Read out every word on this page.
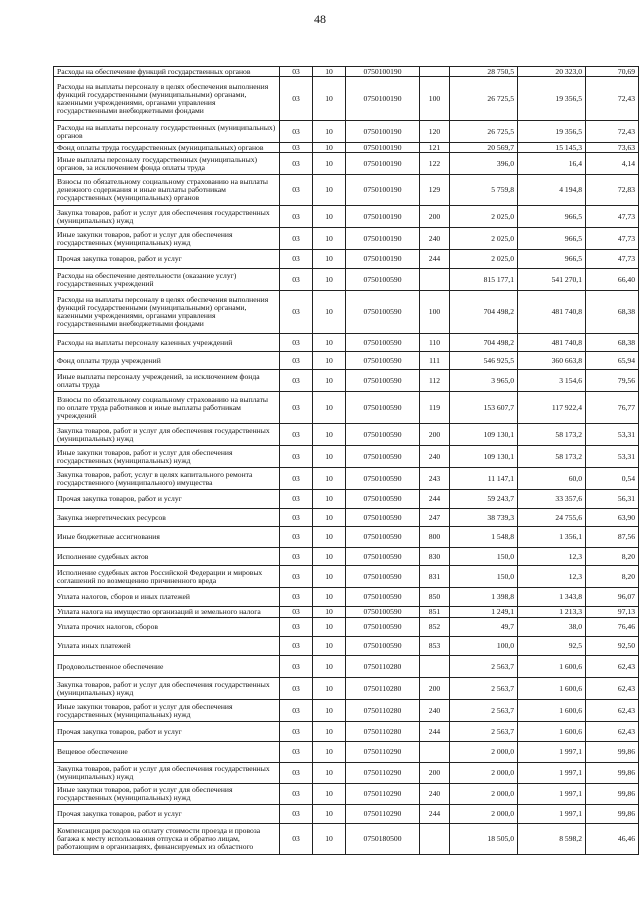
48
Расходы на обеспечение функций государственных органов	03	10	0750100190		28 750,5	20 323,0	70,69
Расходы на выплаты персоналу в целях обеспечения выполнения функций государственными (муниципальными) органами, казенными учреждениями, органами управления государственными внебюджетными фондами	03	10	0750100190	100	26 725,5	19 356,5	72,43
Расходы на выплаты персоналу государственных (муниципальных) органов	03	10	0750100190	120	26 725,5	19 356,5	72,43
Фонд оплаты труда государственных (муниципальных) органов	03	10	0750100190	121	20 569,7	15 145,3	73,63
Иные выплаты персоналу государственных (муниципальных) органов, за исключением фонда оплаты труда	03	10	0750100190	122	396,0	16,4	4,14
Взносы по обязательному социальному страхованию на выплаты денежного содержания и иные выплаты работникам государственных (муниципальных) органов	03	10	0750100190	129	5 759,8	4 194,8	72,83
Закупка товаров, работ и услуг для обеспечения государственных (муниципальных) нужд	03	10	0750100190	200	2 025,0	966,5	47,73
Иные закупки товаров, работ и услуг для обеспечения государственных (муниципальных) нужд	03	10	0750100190	240	2 025,0	966,5	47,73
Прочая закупка товаров, работ и услуг	03	10	0750100190	244	2 025,0	966,5	47,73
Расходы на обеспечение деятельности (оказание услуг) государственных учреждений	03	10	0750100590		815 177,1	541 270,1	66,40
Расходы на выплаты персоналу в целях обеспечения выполнения функций государственными (муниципальными) органами, казенными учреждениями, органами управления государственными внебюджетными фондами	03	10	0750100590	100	704 498,2	481 740,8	68,38
Расходы на выплаты персоналу казенных учреждений	03	10	0750100590	110	704 498,2	481 740,8	68,38
Фонд оплаты труда учреждений	03	10	0750100590	111	546 925,5	360 663,8	65,94
Иные выплаты персоналу учреждений, за исключением фонда оплаты труда	03	10	0750100590	112	3 965,0	3 154,6	79,56
Взносы по обязательному социальному страхованию на выплаты по оплате труда работников и иные выплаты работникам учреждений	03	10	0750100590	119	153 607,7	117 922,4	76,77
Закупка товаров, работ и услуг для обеспечения государственных (муниципальных) нужд	03	10	0750100590	200	109 130,1	58 173,2	53,31
Иные закупки товаров, работ и услуг для обеспечения государственных (муниципальных) нужд	03	10	0750100590	240	109 130,1	58 173,2	53,31
Закупка товаров, работ, услуг в целях капитального ремонта государственного (муниципального) имущества	03	10	0750100590	243	11 147,1	60,0	0,54
Прочая закупка товаров, работ и услуг	03	10	0750100590	244	59 243,7	33 357,6	56,31
Закупка энергетических ресурсов	03	10	0750100590	247	38 739,3	24 755,6	63,90
Иные бюджетные ассигнования	03	10	0750100590	800	1 548,8	1 356,1	87,56
Исполнение судебных актов	03	10	0750100590	830	150,0	12,3	8,20
Исполнение судебных актов Российской Федерации и мировых соглашений по возмещению причиненного вреда	03	10	0750100590	831	150,0	12,3	8,20
Уплата налогов, сборов и иных платежей	03	10	0750100590	850	1 398,8	1 343,8	96,07
Уплата налога на имущество организаций и земельного налога	03	10	0750100590	851	1 249,1	1 213,3	97,13
Уплата прочих налогов, сборов	03	10	0750100590	852	49,7	38,0	76,46
Уплата иных платежей	03	10	0750100590	853	100,0	92,5	92,50
Продовольственное обеспечение	03	10	0750110280		2 563,7	1 600,6	62,43
Закупка товаров, работ и услуг для обеспечения государственных (муниципальных) нужд	03	10	0750110280	200	2 563,7	1 600,6	62,43
Иные закупки товаров, работ и услуг для обеспечения государственных (муниципальных) нужд	03	10	0750110280	240	2 563,7	1 600,6	62,43
Прочая закупка товаров, работ и услуг	03	10	0750110280	244	2 563,7	1 600,6	62,43
Вещевое обеспечение	03	10	0750110290		2 000,0	1 997,1	99,86
Закупка товаров, работ и услуг для обеспечения государственных (муниципальных) нужд	03	10	0750110290	200	2 000,0	1 997,1	99,86
Иные закупки товаров, работ и услуг для обеспечения государственных (муниципальных) нужд	03	10	0750110290	240	2 000,0	1 997,1	99,86
Прочая закупка товаров, работ и услуг	03	10	0750110290	244	2 000,0	1 997,1	99,86
Компенсация расходов на оплату стоимости проезда и провоза багажа к месту использования отпуска и обратно лицам, работающим в организациях, финансируемых из областного	03	10	0750180500		18 505,0	8 598,2	46,46
